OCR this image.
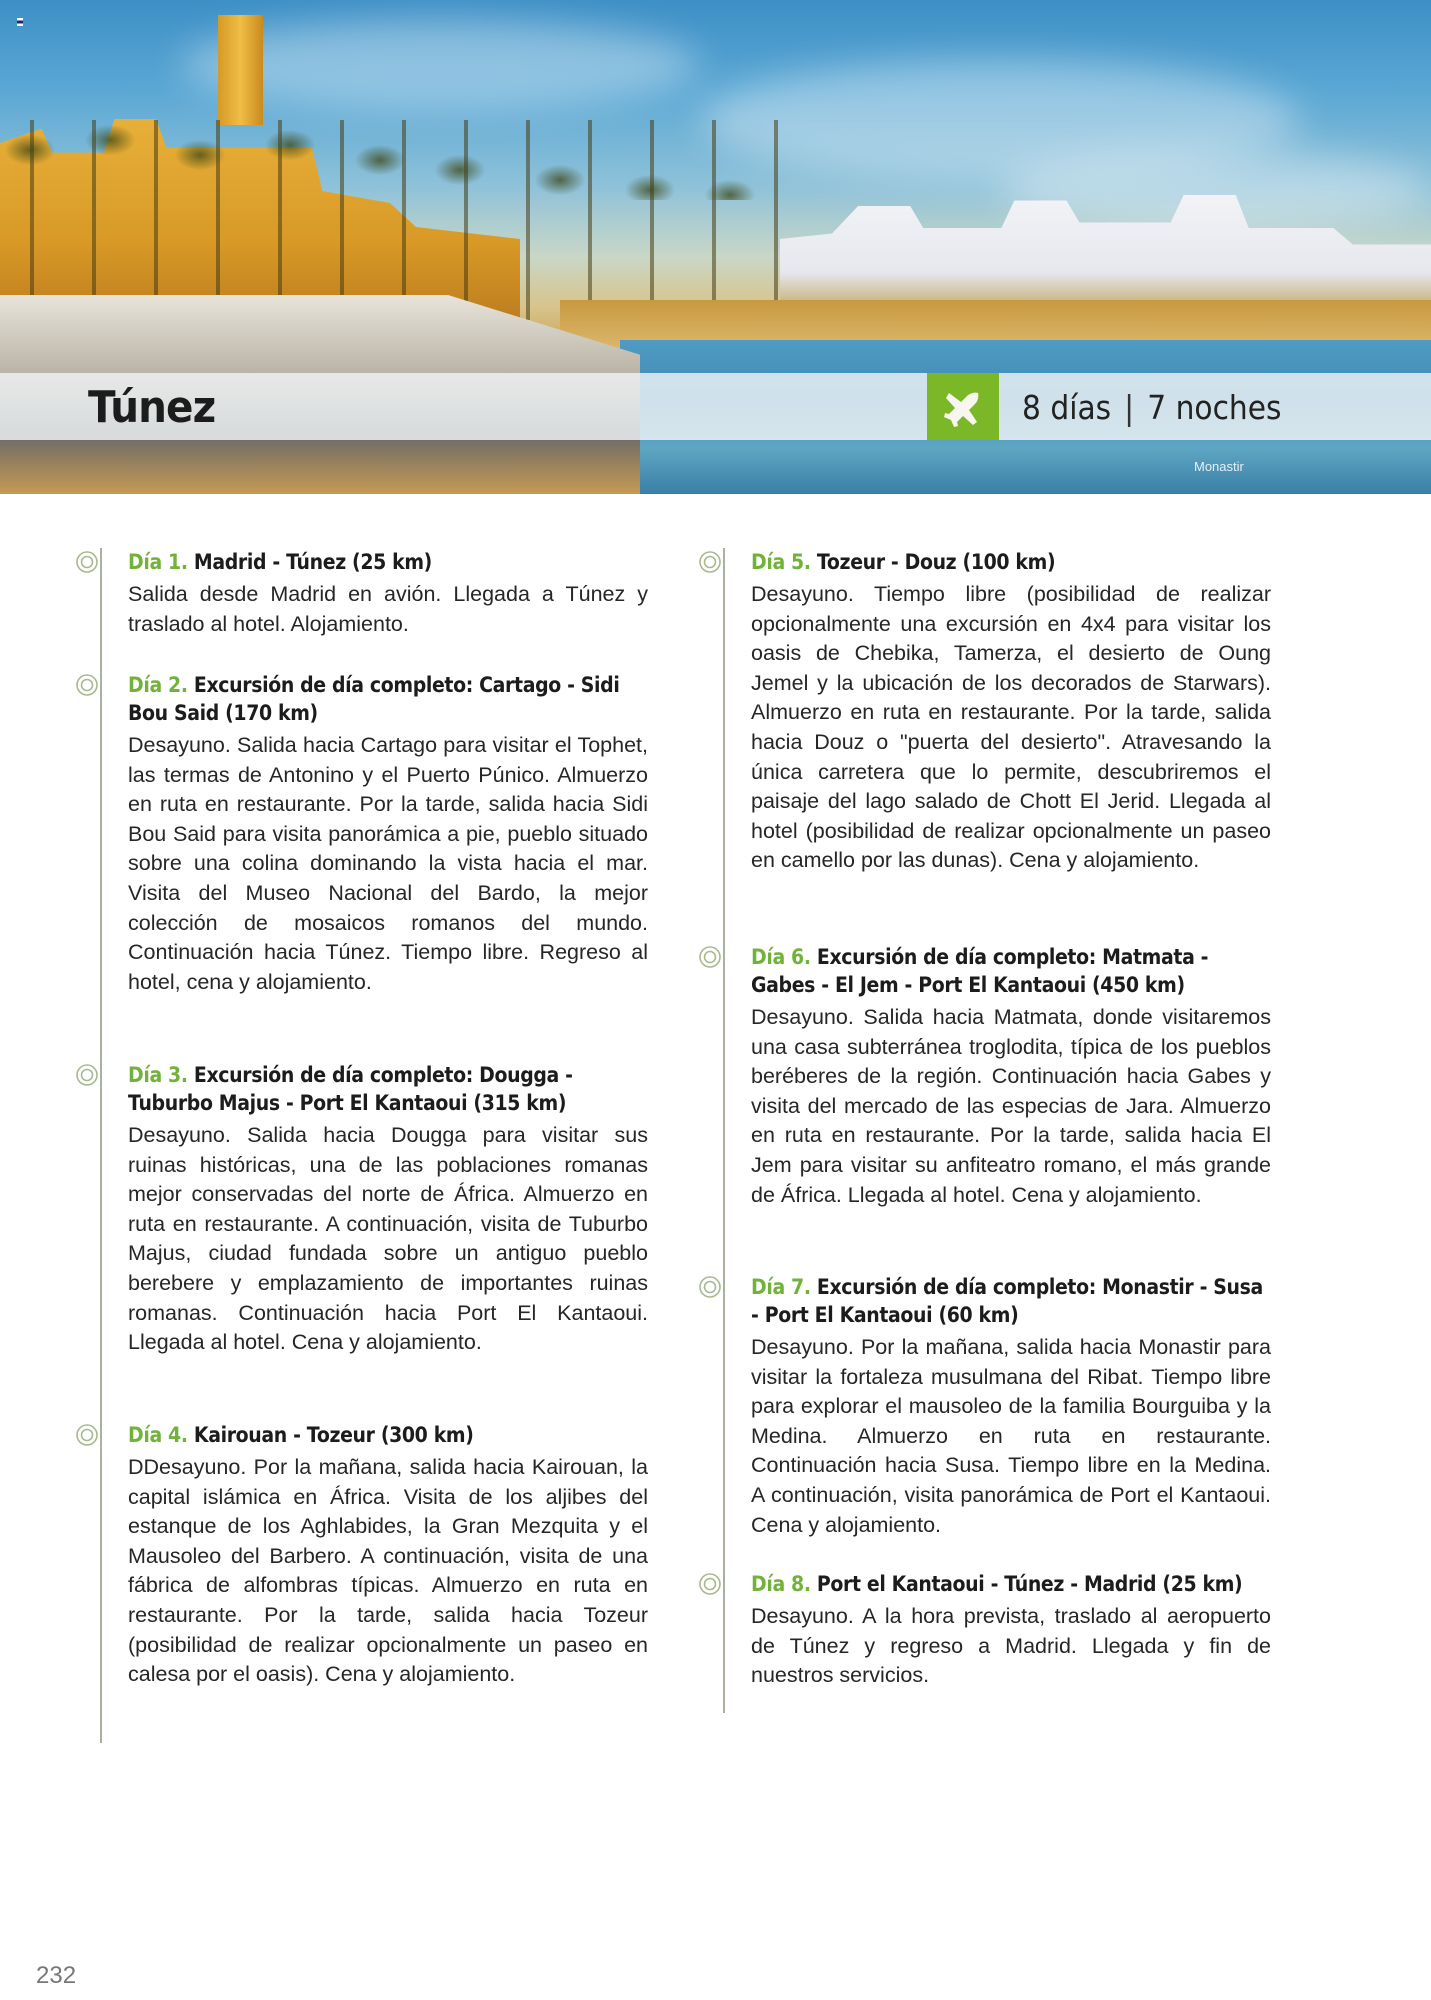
Túnez	8 días | 7 noches
Monastir
Día 1. Madrid - Túnez (25 km)

Salida desde Madrid en avión. Llegada a Túnez y traslado al hotel. Alojamiento.

Día 2. Excursión de día completo: Cartago - Sidi Bou Said (170 km)

Desayuno. Salida hacia Cartago para visitar el Tophet, las termas de Antonino y el Puerto Púnico. Almuerzo en ruta en restaurante. Por la tarde, salida hacia Sidi Bou Said para visita panorámica a pie, pueblo situado sobre una colina dominando la vista hacia el mar. Visita del Museo Nacional del Bardo, la mejor colección de mosaicos romanos del mundo. Continuación hacia Túnez. Tiempo libre. Regreso al hotel, cena y alojamiento.

Día 3. Excursión de día completo: Dougga - Tuburbo Majus - Port El Kantaoui (315 km)

Desayuno. Salida hacia Dougga para visitar sus ruinas históricas, una de las poblaciones romanas mejor conservadas del norte de África. Almuerzo en ruta en restaurante. A continuación, visita de Tuburbo Majus, ciudad fundada sobre un antiguo pueblo berebere y emplazamiento de importantes ruinas romanas. Continuación hacia Port El Kantaoui. Llegada al hotel. Cena y alojamiento.

Día 4. Kairouan - Tozeur (300 km)

DDesayuno. Por la mañana, salida hacia Kairouan, la capital islámica en África. Visita de los aljibes del estanque de los Aghlabides, la Gran Mezquita y el Mausoleo del Barbero. A continuación, visita de una fábrica de alfombras típicas. Almuerzo en ruta en restaurante. Por la tarde, salida hacia Tozeur (posibilidad de realizar opcionalmente un paseo en calesa por el oasis). Cena y alojamiento.

Día 5. Tozeur - Douz (100 km)

Desayuno. Tiempo libre (posibilidad de realizar opcionalmente una excursión en 4x4 para visitar los oasis de Chebika, Tamerza, el desierto de Oung Jemel y la ubicación de los decorados de Starwars). Almuerzo en ruta en restaurante. Por la tarde, salida hacia Douz o "puerta del desierto". Atravesando la única carretera que lo permite, descubriremos el paisaje del lago salado de Chott El Jerid. Llegada al hotel (posibilidad de realizar opcionalmente un paseo en camello por las dunas). Cena y alojamiento.

Día 6. Excursión de día completo: Matmata - Gabes - El Jem - Port El Kantaoui (450 km)

Desayuno. Salida hacia Matmata, donde visitaremos una casa subterránea troglodita, típica de los pueblos beréberes de la región. Continuación hacia Gabes y visita del mercado de las especias de Jara. Almuerzo en ruta en restaurante. Por la tarde, salida hacia El Jem para visitar su anfiteatro romano, el más grande de África. Llegada al hotel. Cena y alojamiento.

Día 7. Excursión de día completo: Monastir - Susa - Port El Kantaoui (60 km)

Desayuno. Por la mañana, salida hacia Monastir para visitar la fortaleza musulmana del Ribat. Tiempo libre para explorar el mausoleo de la familia Bourguiba y la Medina. Almuerzo en ruta en restaurante. Continuación hacia Susa. Tiempo libre en la Medina. A continuación, visita panorámica de Port el Kantaoui. Cena y alojamiento.

Día 8. Port el Kantaoui - Túnez - Madrid (25 km)

Desayuno. A la hora prevista, traslado al aeropuerto de Túnez y regreso a Madrid. Llegada y fin de nuestros servicios.

232
